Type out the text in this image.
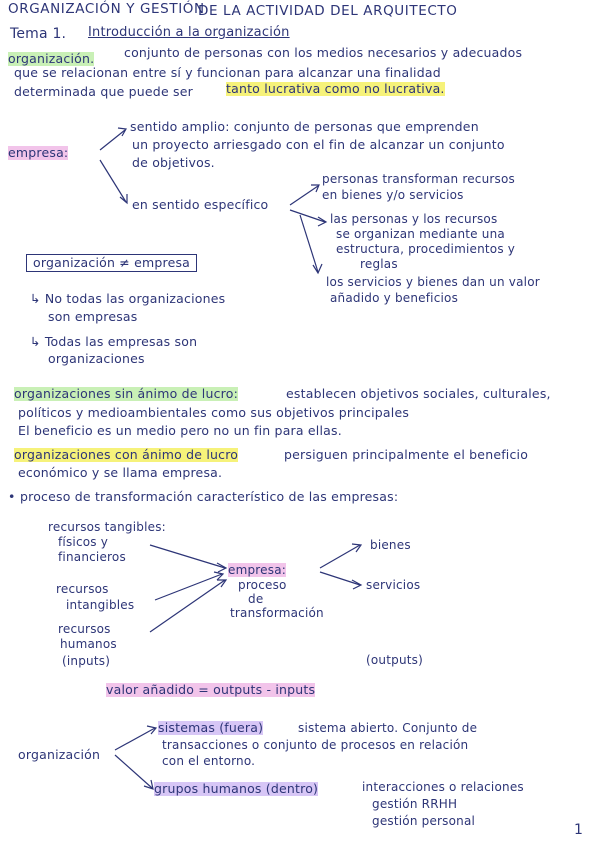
ORGANIZACIÓN Y GESTIÓN
DE LA ACTIVIDAD DEL ARQUITECTO
Tema 1. Introducción a la organización
organización. conjunto de personas con los medios necesarios y adecuados
que se relacionan entre sí y funcionan para alcanzar una finalidad
determinada que puede ser	tanto lucrativa como no lucrativa.
empresa:
sentido amplio: conjunto de personas que emprenden
un proyecto arriesgado con el fin de alcanzar un conjunto
de objetivos.
en sentido específico
personas transforman recursos
en bienes y/o servicios
las personas y los recursos
se organizan mediante una
estructura, procedimientos y
reglas
los servicios y bienes dan un valor
añadido y beneficios
organización ≠ empresa
↳ No todas las organizaciones
son empresas
↳ Todas las empresas son
organizaciones
organizaciones sin ánimo de lucro:	establecen objetivos sociales, culturales,
políticos y medioambientales como sus objetivos principales
El beneficio es un medio pero no un fin para ellas.
organizaciones con ánimo de lucro	persiguen principalmente el beneficio
económico y se llama empresa.
• proceso de transformación característico de las empresas:
recursos tangibles:
físicos y
financieros
recursos
intangibles
recursos
humanos
(inputs)
empresa:
proceso
de
transformación
bienes
servicios
(outputs)
valor añadido = outputs - inputs
organización
sistemas (fuera)	sistema abierto. Conjunto de
transacciones o conjunto de procesos en relación
con el entorno.
grupos humanos (dentro)	interacciones o relaciones
gestión RRHH
gestión personal
1
